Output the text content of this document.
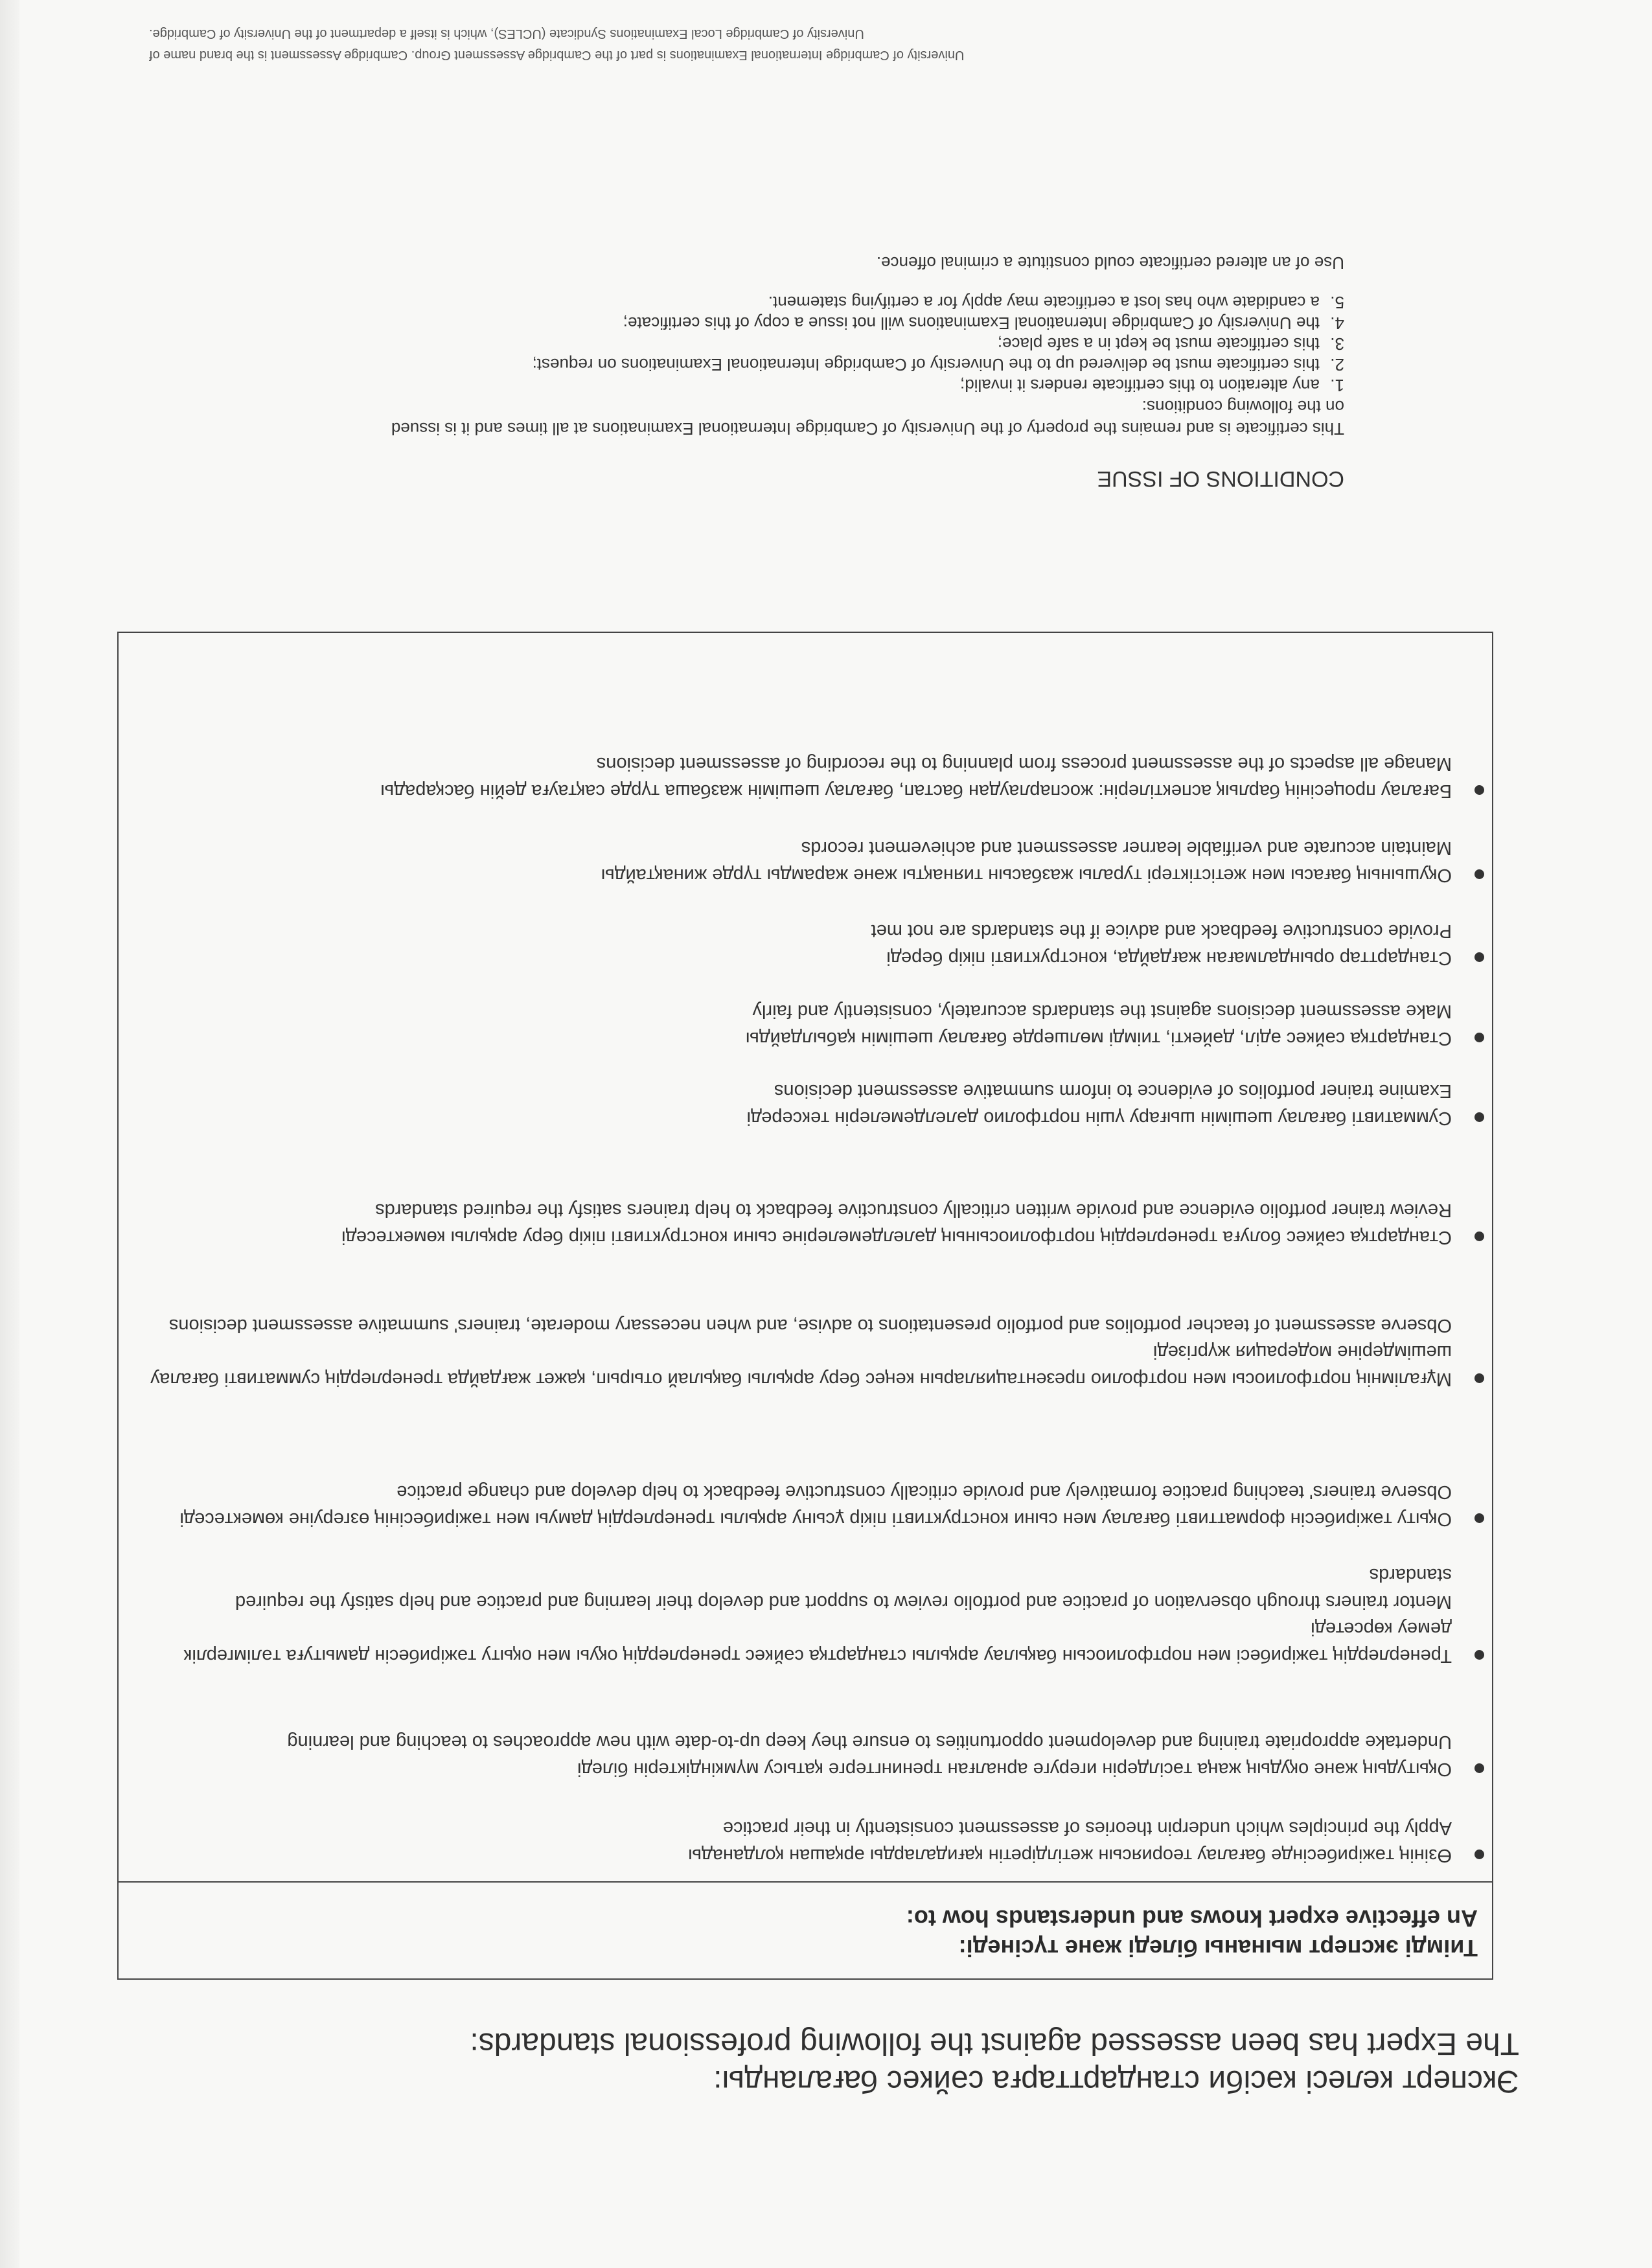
Эксперт келесі кәсіби стандарттарға сәйкес бағаланды:
The Expert has been assessed against the following professional standards:
Тиімді эксперт мынаны біледі және түсінеді:
An effective expert knows and understands how to:
Өзінің тәжірибесінде бағалау теориясын жетілдіретін қағидаларды әрқашан қолданады
Apply the principles which underpin theories of assessment consistently in their practice
Оқытудың және оқудың жаңа тәсілдерін игеруге арналған тренингтерге қатысу мүмкіндіктерін біледі
Undertake appropriate training and development opportunities to ensure they keep up-to-date with new approaches to teaching and learning
Тренерлердің тәжірибесі мен портфолиосын бақылау арқылы стандартқа сәйкес тренерлердің оқуы мен оқыту тәжірибесін дамытуға тәлімгерлік демеу көрсетеді
Mentor trainers through observation of practice and portfolio review to support and develop their learning and practice and help satisfy the required standards
Оқыту тәжірибесін форматтивті бағалау мен сыни конструктивті пікір ұсыну арқылы тренерлердің дамуы мен тәжірибесінің өзгеруіне көмектеседі
Observe trainers' teaching practice formatively and provide critically constructive feedback to help develop and change practice
Мұғалімнің портфолиосы мен портфолио презентацияларын кеңес беру арқылы бақылай отырып, қажет жағдайда тренерлердің суммативті бағалау шешімдеріне модерация жүргізеді
Observe assessment of teacher portfolios and portfolio presentations to advise, and when necessary moderate, trainers' summative assessment decisions
Стандартқа сәйкес болуға тренерлердің портфолиосының дәлелдемелеріне сыни конструктивті пікір беру арқылы көмектеседі
Review trainer portfolio evidence and provide written critically constructive feedback to help trainers satisfy the required standards
Суммативті бағалау шешімін шығару үшін портфолио дәлелдемелерін тексереді
Examine trainer portfolios of evidence to inform summative assessment decisions
Стандартқа сәйкес әділ, дәйекті, тиімді мөлшерде бағалау шешімін қабылдайды
Make assessment decisions against the standards accurately, consistently and fairly
Стандарттар орындалмаған жағдайда, конструктивті пікір береді
Provide constructive feedback and advice if the standards are not met
Оқушының бағасы мен жетістіктері туралы жазбасын тиянақты және жарамды түрде жинақтайды
Maintain accurate and verifiable learner assessment and achievement records
Бағалау процесінің барлық аспектілерін: жоспарлаудан бастап, бағалау шешімін жазбаша түрде сақтауға дейін басқарады
Manage all aspects of the assessment process from planning to the recording of assessment decisions
CONDITIONS OF ISSUE
This certificate is and remains the property of the University of Cambridge International Examinations at all times and it is issued on the following conditions:
1.
any alteration to this certificate renders it invalid;
2.
this certificate must be delivered up to the University of Cambridge International Examinations on request;
3.
this certificate must be kept in a safe place;
4.
the University of Cambridge International Examinations will not issue a copy of this certificate;
5.
a candidate who has lost a certificate may apply for a certifying statement.
Use of an altered certificate could constitute a criminal offence.
University of Cambridge International Examinations is part of the Cambridge Assessment Group. Cambridge Assessment is the brand name of
University of Cambridge Local Examinations Syndicate (UCLES), which is itself a department of the University of Cambridge.
